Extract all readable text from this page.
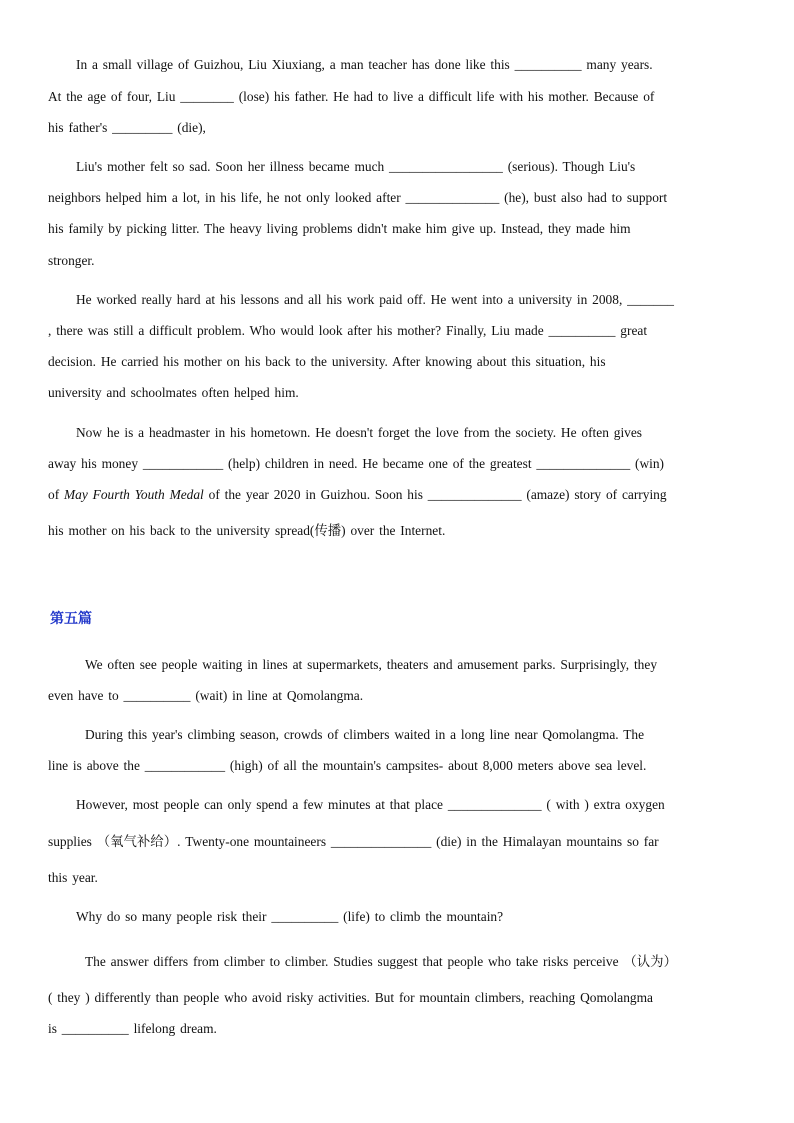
In a small village of Guizhou, Liu Xiuxiang, a man teacher has done like this __________ many years.
At the age of four, Liu ________ (lose) his father. He had to live a difficult life with his mother. Because of
his father's _________ (die),
Liu's mother felt so sad. Soon her illness became much _________________ (serious). Though Liu's
neighbors helped him a lot, in his life, he not only looked after ______________ (he), bust also had to support
his family by picking litter. The heavy living problems didn't make him give up. Instead, they made him
stronger.
He worked really hard at his lessons and all his work paid off. He went into a university in 2008, _______
, there was still a difficult problem. Who would look after his mother? Finally, Liu made __________ great
decision. He carried his mother on his back to the university. After knowing about this situation, his
university and schoolmates often helped him.
Now he is a headmaster in his hometown. He doesn't forget the love from the society. He often gives
away his money ____________ (help) children in need. He became one of the greatest ______________ (win)
of May Fourth Youth Medal of the year 2020 in Guizhou. Soon his ______________ (amaze) story of carrying
his mother on his back to the university spread(传播) over the Internet.
第五篇
We often see people waiting in lines at supermarkets, theaters and amusement parks. Surprisingly, they
even have to __________ (wait) in line at Qomolangma.
During this year's climbing season, crowds of climbers waited in a long line near Qomolangma. The
line is above the ____________ (high) of all the mountain's campsites- about 8,000 meters above sea level.
However, most people can only spend a few minutes at that place ______________ ( with ) extra oxygen
supplies （氧气补给）. Twenty-one mountaineers _______________ (die) in the Himalayan mountains so far
this year.
Why do so many people risk their __________ (life) to climb the mountain?
The answer differs from climber to climber. Studies suggest that people who take risks perceive （认为）
( they ) differently than people who avoid risky activities. But for mountain climbers, reaching Qomolangma
is __________ lifelong dream.
